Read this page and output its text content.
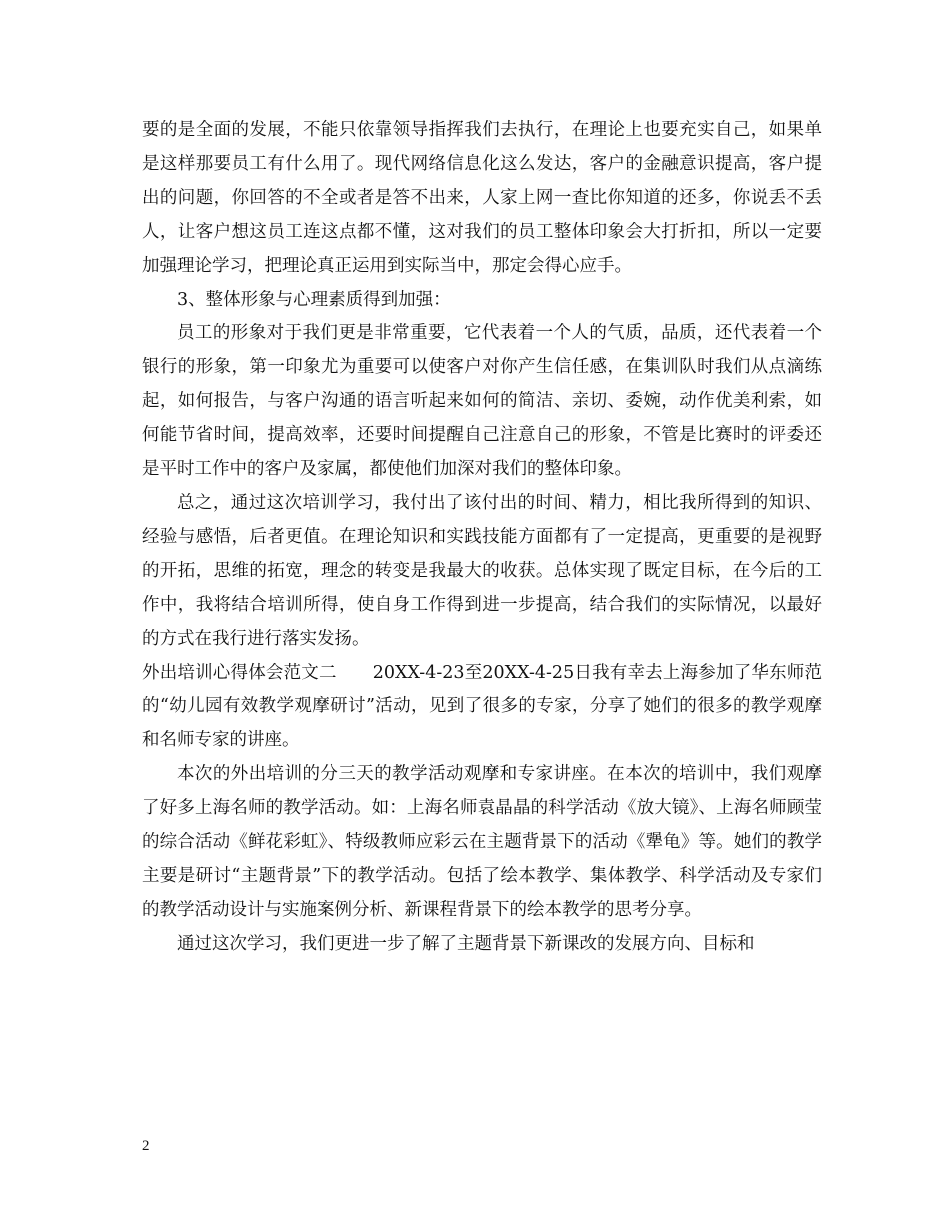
要的是全面的发展，不能只依靠领导指挥我们去执行，在理论上也要充实自己，如果单是这样那要员工有什么用了。现代网络信息化这么发达，客户的金融意识提高，客户提出的问题，你回答的不全或者是答不出来，人家上网一查比你知道的还多，你说丢不丢人，让客户想这员工连这点都不懂，这对我们的员工整体印象会大打折扣，所以一定要加强理论学习，把理论真正运用到实际当中，那定会得心应手。

3、整体形象与心理素质得到加强：

员工的形象对于我们更是非常重要，它代表着一个人的气质，品质，还代表着一个银行的形象，第一印象尤为重要可以使客户对你产生信任感，在集训队时我们从点滴练起，如何报告，与客户沟通的语言听起来如何的简洁、亲切、委婉，动作优美利索，如何能节省时间，提高效率，还要时间提醒自己注意自己的形象，不管是比赛时的评委还是平时工作中的客户及家属，都使他们加深对我们的整体印象。

总之，通过这次培训学习，我付出了该付出的时间、精力，相比我所得到的知识、经验与感悟，后者更值。在理论知识和实践技能方面都有了一定提高，更重要的是视野的开拓，思维的拓宽，理念的转变是我最大的收获。总体实现了既定目标，在今后的工作中，我将结合培训所得，使自身工作得到进一步提高，结合我们的实际情况，以最好的方式在我行进行落实发扬。

外出培训心得体会范文二 20XX-4-23至20XX-4-25日我有幸去上海参加了华东师范的“幼儿园有效教学观摩研讨”活动，见到了很多的专家，分享了她们的很多的教学观摩和名师专家的讲座。

本次的外出培训的分三天的教学活动观摩和专家讲座。在本次的培训中，我们观摩了好多上海名师的教学活动。如：上海名师袁晶晶的科学活动《放大镜》、上海名师顾莹的综合活动《鲜花彩虹》、特级教师应彩云在主题背景下的活动《犟龟》等。她们的教学主要是研讨“主题背景”下的教学活动。包括了绘本教学、集体教学、科学活动及专家们的教学活动设计与实施案例分析、新课程背景下的绘本教学的思考分享。

通过这次学习，我们更进一步了解了主题背景下新课改的发展方向、目标和

2
